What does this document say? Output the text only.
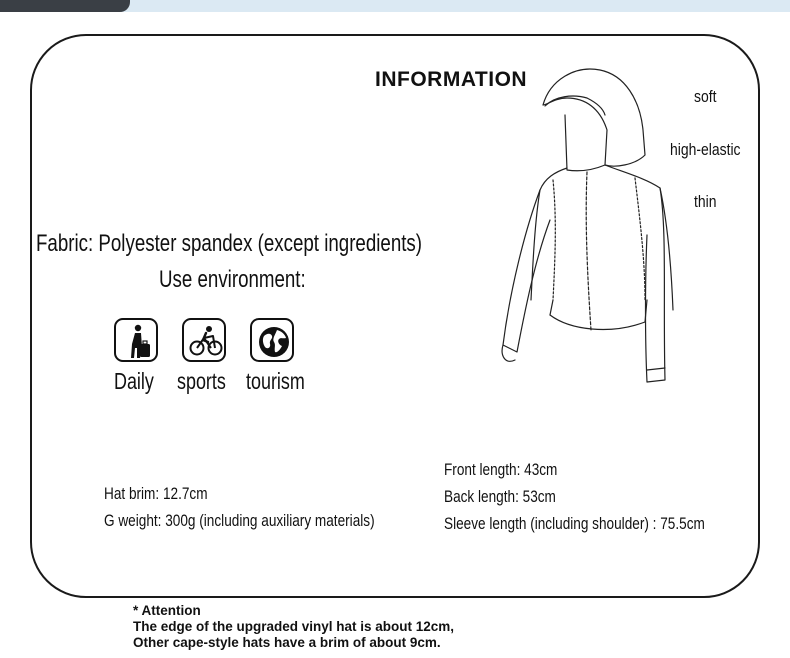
INFORMATION
soft
high-elastic
thin
Fabric: Polyester spandex (except ingredients)
Use environment:
Daily sports tourism
Hat brim: 12.7cm
G weight: 300g (including auxiliary materials)
Front length: 43cm
Back length: 53cm
Sleeve length (including shoulder) : 75.5cm
* Attention
The edge of the upgraded vinyl hat is about 12cm,
Other cape-style hats have a brim of about 9cm.
